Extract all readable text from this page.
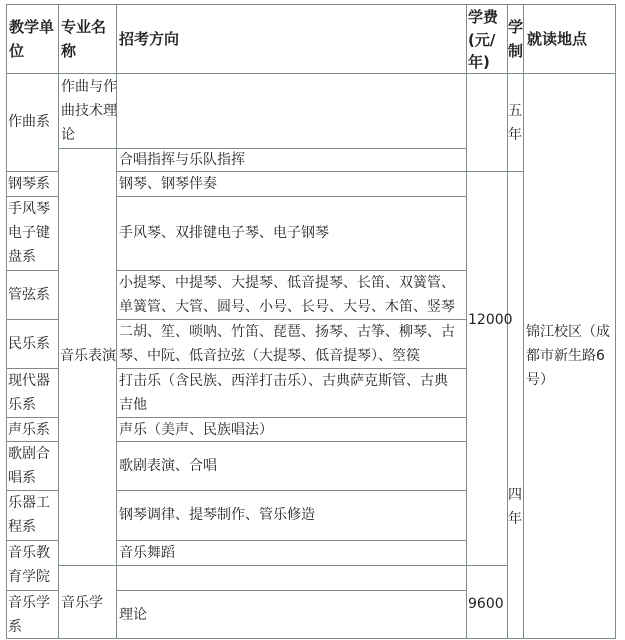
教学单
位
专业名
称
招考方向
学费
(元/
年)
学
制
就读地点
作曲系
钢琴系
手风琴
电子键
盘系
管弦系
民乐系
现代器
乐系
声乐系
歌剧合
唱系
乐器工
程系
音乐教
育学院
音乐学
系
作曲与作
曲技术理
论
音乐表演
音乐学
合唱指挥与乐队指挥
钢琴、钢琴伴奏
手风琴、双排键电子琴、电子钢琴
小提琴、中提琴、大提琴、低音提琴、长笛、双簧管、
单簧管、大管、圆号、小号、长号、大号、木笛、竖琴
二胡、笙、唢呐、竹笛、琵琶、扬琴、古筝、柳琴、古
琴、中阮、低音拉弦（大提琴、低音提琴）、箜篌
打击乐（含民族、西洋打击乐）、古典萨克斯管、古典
吉他
声乐（美声、民族唱法）
歌剧表演、合唱
钢琴调律、提琴制作、管乐修造
音乐舞蹈
理论
12000
9600
五
年
四
年
锦江校区（成
都市新生路6
号）
